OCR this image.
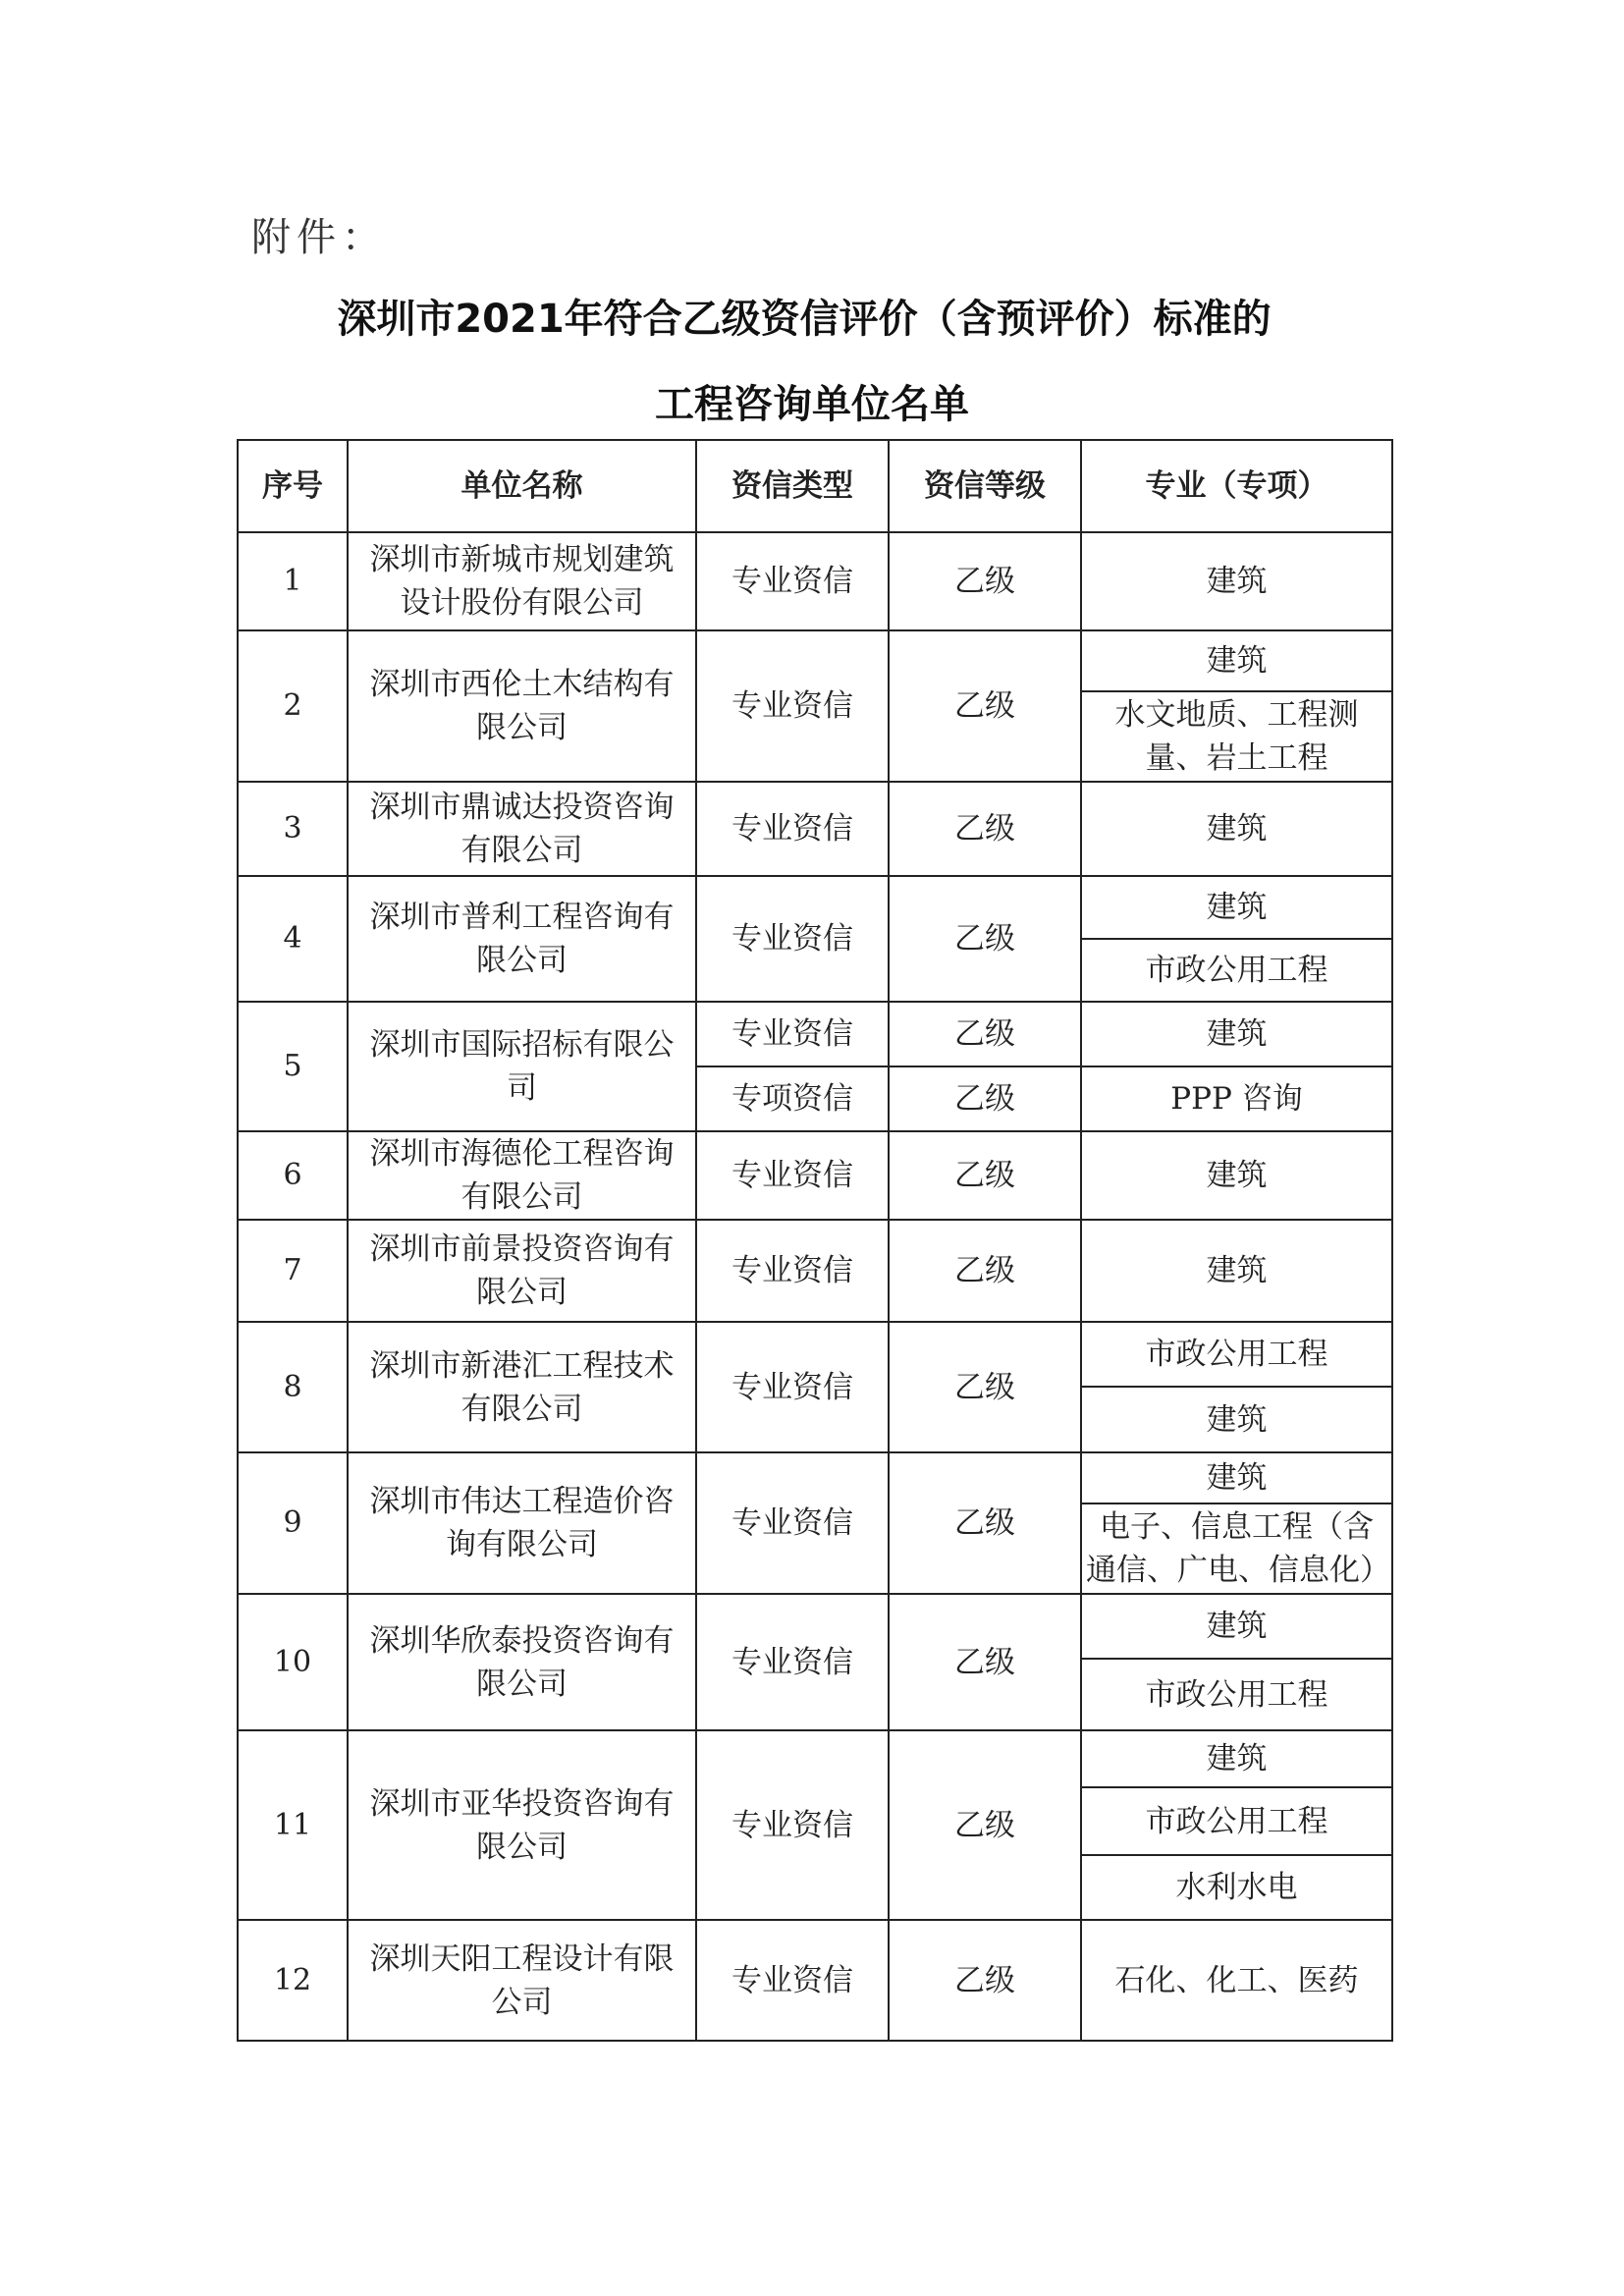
附件：
深圳市2021年符合乙级资信评价（含预评价）标准的
工程咨询单位名单
序号	单位名称	资信类型	资信等级	专业（专项）
1	深圳市新城市规划建筑设计股份有限公司	专业资信	乙级	建筑
2	深圳市西伦土木结构有限公司	专业资信	乙级	建筑
				水文地质、工程测量、岩土工程
3	深圳市鼎诚达投资咨询有限公司	专业资信	乙级	建筑
4	深圳市普利工程咨询有限公司	专业资信	乙级	建筑
				市政公用工程
5	深圳市国际招标有限公司	专业资信	乙级	建筑
		专项资信	乙级	PPP 咨询
6	深圳市海德伦工程咨询有限公司	专业资信	乙级	建筑
7	深圳市前景投资咨询有限公司	专业资信	乙级	建筑
8	深圳市新港汇工程技术有限公司	专业资信	乙级	市政公用工程
				建筑
9	深圳市伟达工程造价咨询有限公司	专业资信	乙级	建筑
				电子、信息工程（含通信、广电、信息化）
10	深圳华欣泰投资咨询有限公司	专业资信	乙级	建筑
				市政公用工程
11	深圳市亚华投资咨询有限公司	专业资信	乙级	建筑
				市政公用工程
				水利水电
12	深圳天阳工程设计有限公司	专业资信	乙级	石化、化工、医药
